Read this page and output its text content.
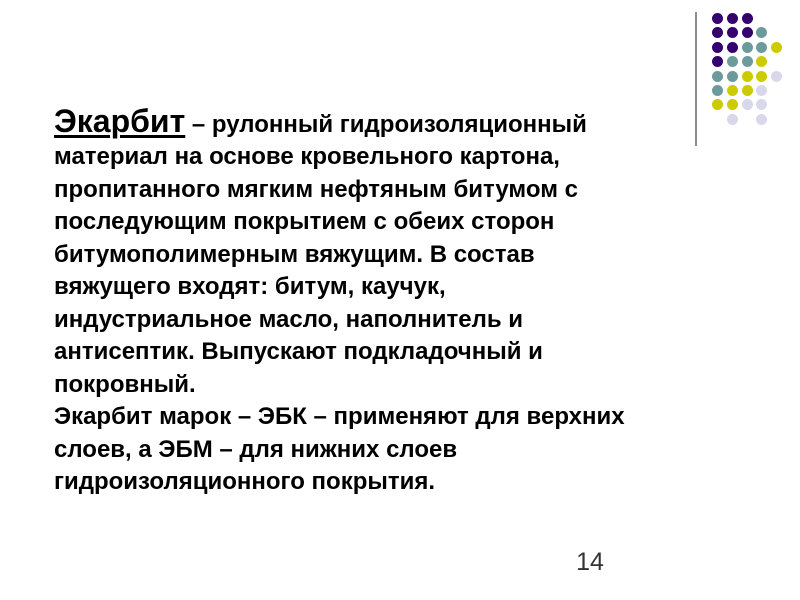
Экарбит – рулонный гидроизоляционный
материал на основе кровельного картона,
пропитанного мягким нефтяным битумом с
последующим покрытием с обеих сторон
битумополимерным вяжущим. В состав
вяжущего входят: битум, каучук,
индустриальное масло, наполнитель и
антисептик. Выпускают подкладочный и
покровный.
Экарбит марок – ЭБК – применяют для верхних
слоев, а ЭБМ – для нижних слоев
гидроизоляционного покрытия.
14
